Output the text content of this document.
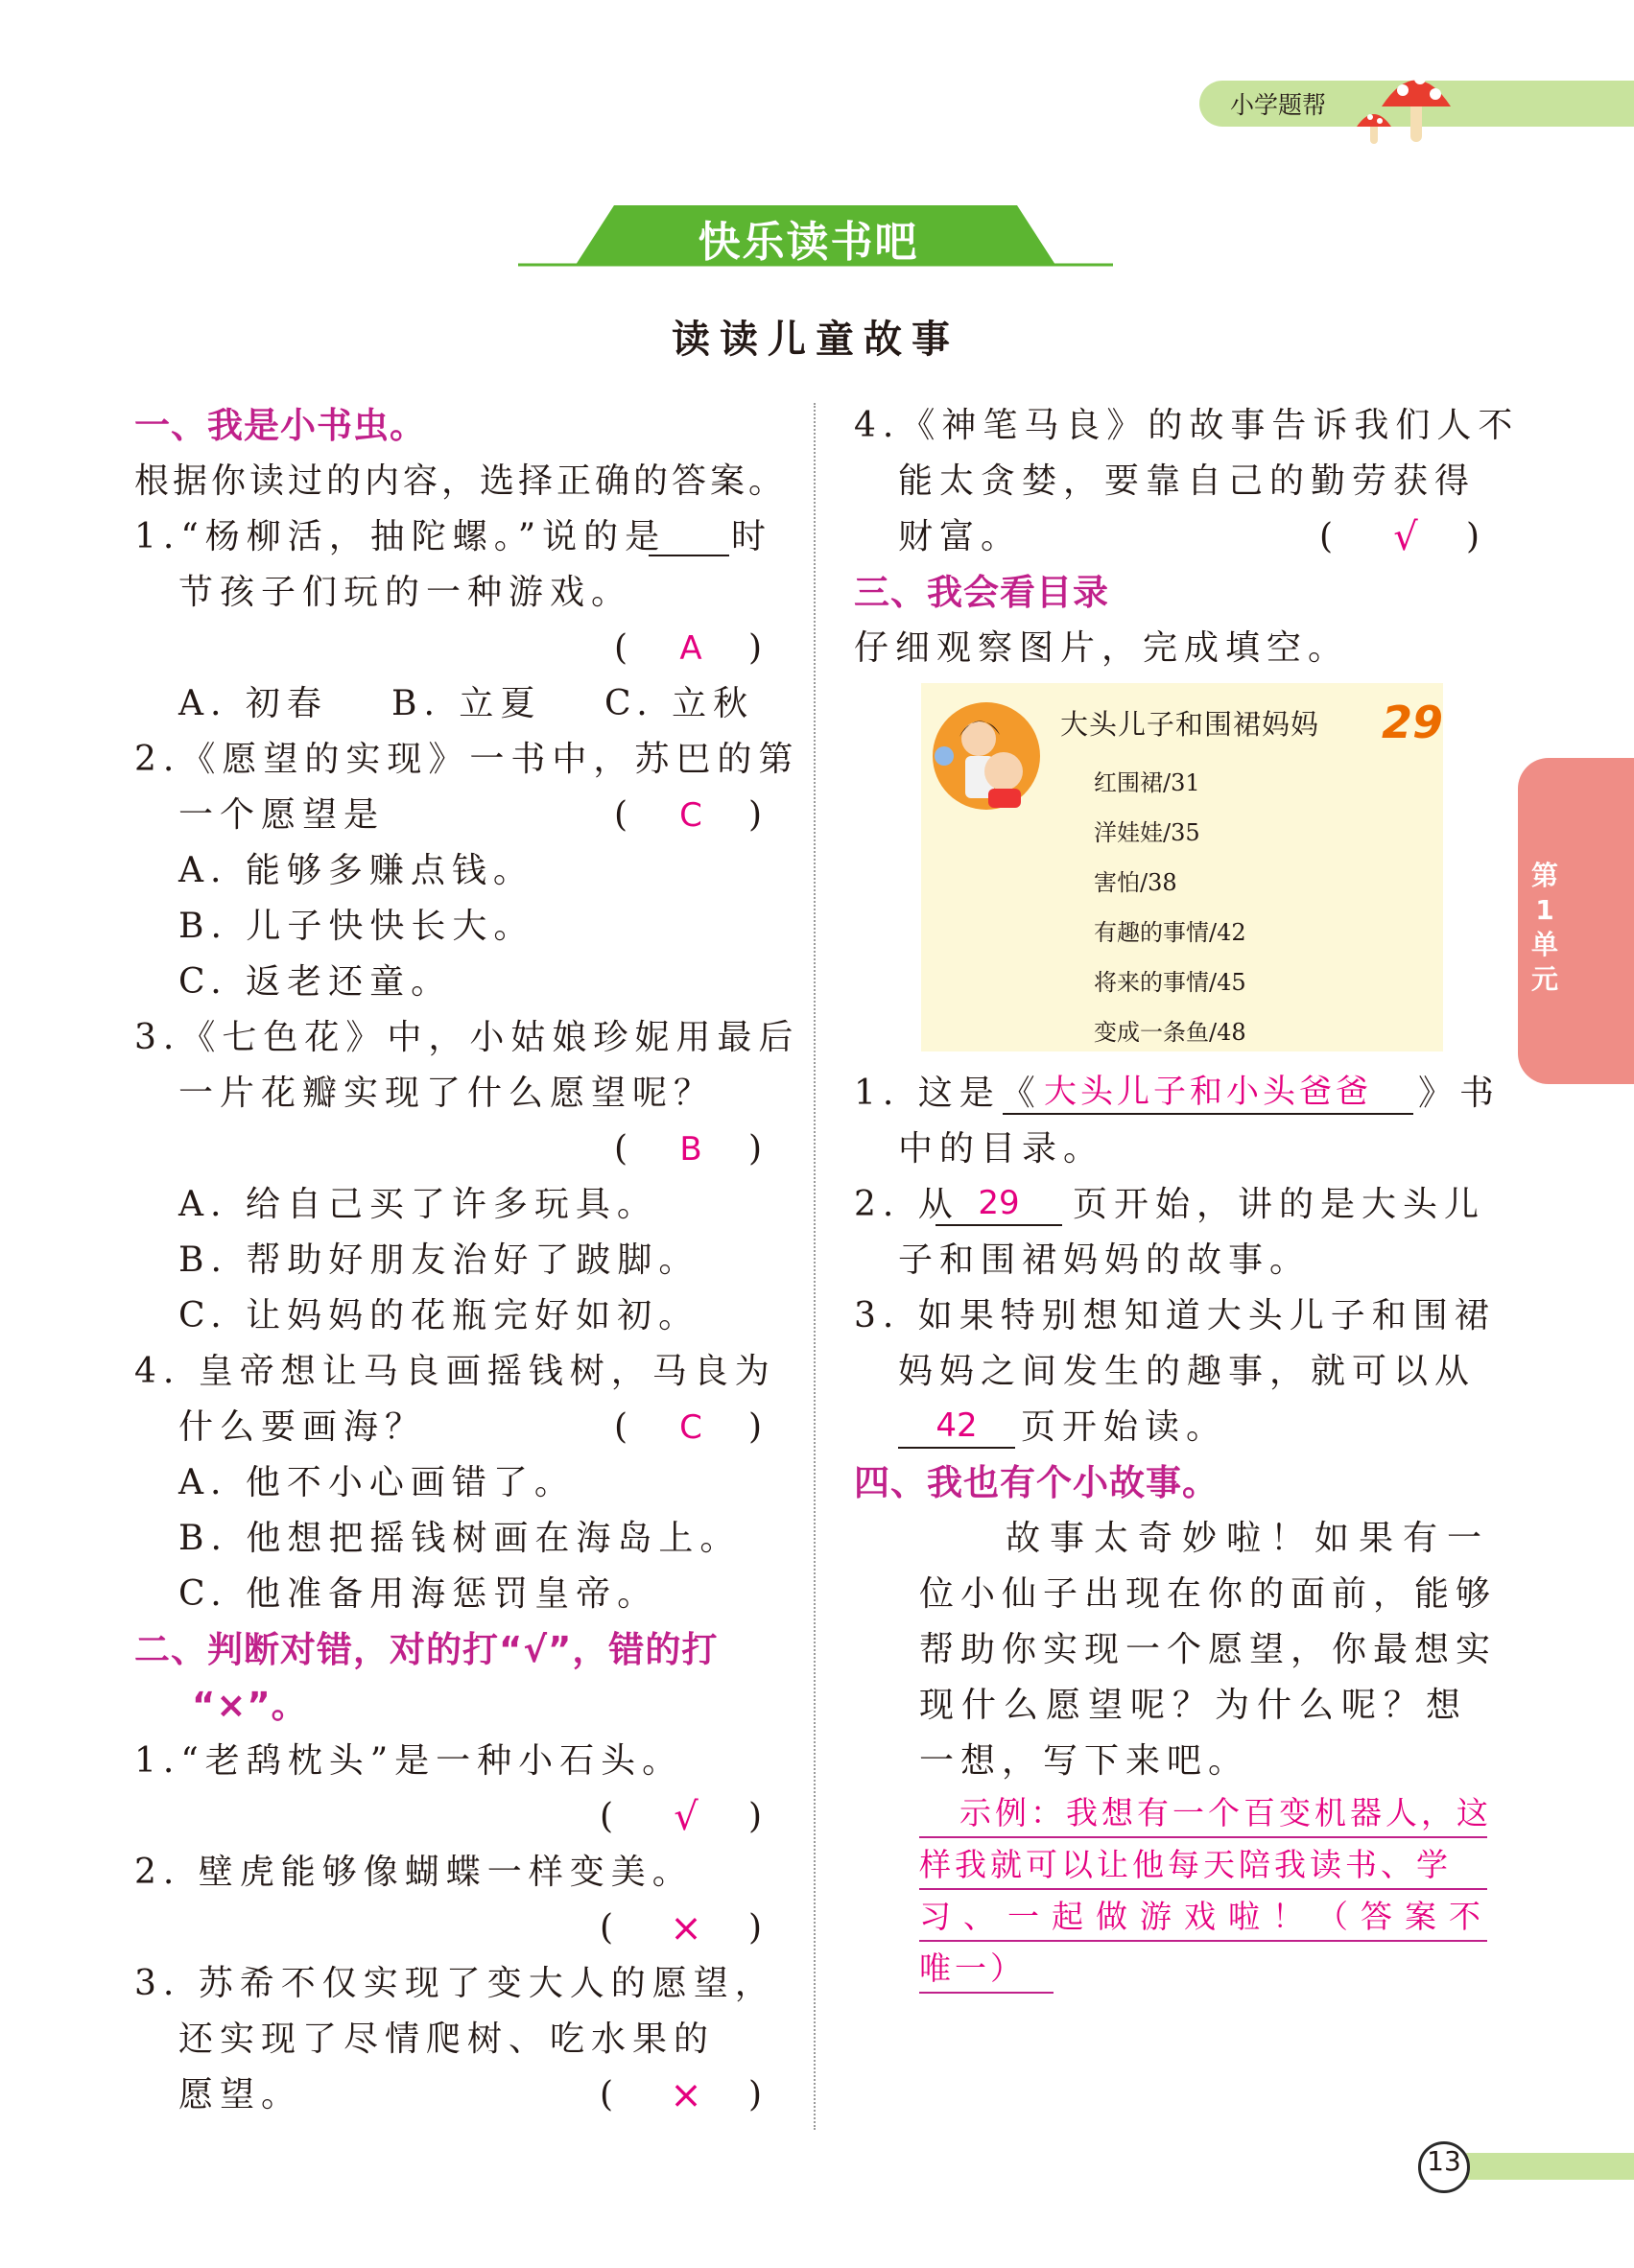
小学题帮
快乐读书吧
读读儿童故事
第
1
单
元
一、我是小书虫。
根据你读过的内容，选择正确的答案。
1.“杨柳活，抽陀螺。”说的是 时
节孩子们玩的一种游戏。
(	A	)
A. 初春 B. 立夏 C. 立秋
2.《愿望的实现》一书中，苏巴的第
一个愿望是	(	C	)
A. 能够多赚点钱。
B. 儿子快快长大。
C. 返老还童。
3.《七色花》中，小姑娘珍妮用最后
一片花瓣实现了什么愿望呢？
(	B	)
A. 给自己买了许多玩具。
B. 帮助好朋友治好了跛脚。
C. 让妈妈的花瓶完好如初。
4. 皇帝想让马良画摇钱树，马良为
什么要画海？	(	C	)
A. 他不小心画错了。
B. 他想把摇钱树画在海岛上。
C. 他准备用海惩罚皇帝。
二、判断对错，对的打“√”，错的打
“×”。
1.“老鸹枕头”是一种小石头。
(	√	)
2. 壁虎能够像蝴蝶一样变美。
(	×	)
3. 苏希不仅实现了变大人的愿望，
还实现了尽情爬树、吃水果的
愿望。	(	×	)
4.《神笔马良》的故事告诉我们人不
能太贪婪，要靠自己的勤劳获得
财富。	(	√	)
三、我会看目录
仔细观察图片，完成填空。
大头儿子和围裙妈妈 29
红围裙/31
洋娃娃/35
害怕/38
有趣的事情/42
将来的事情/45
变成一条鱼/48
1. 这是《 大头儿子和小头爸爸	》书
中的目录。
2. 从 29	页开始，讲的是大头儿
子和围裙妈妈的故事。
3. 如果特别想知道大头儿子和围裙
妈妈之间发生的趣事，就可以从
42	页开始读。
四、我也有个小故事。
故事太奇妙啦！如果有一
位小仙子出现在你的面前，能够
帮助你实现一个愿望，你最想实
现什么愿望呢？为什么呢？想
一想，写下来吧。
示例：我想有一个百变机器人，这
样我就可以让他每天陪我读书、学
习、一起做游戏啦！（答案不
唯一）
13
